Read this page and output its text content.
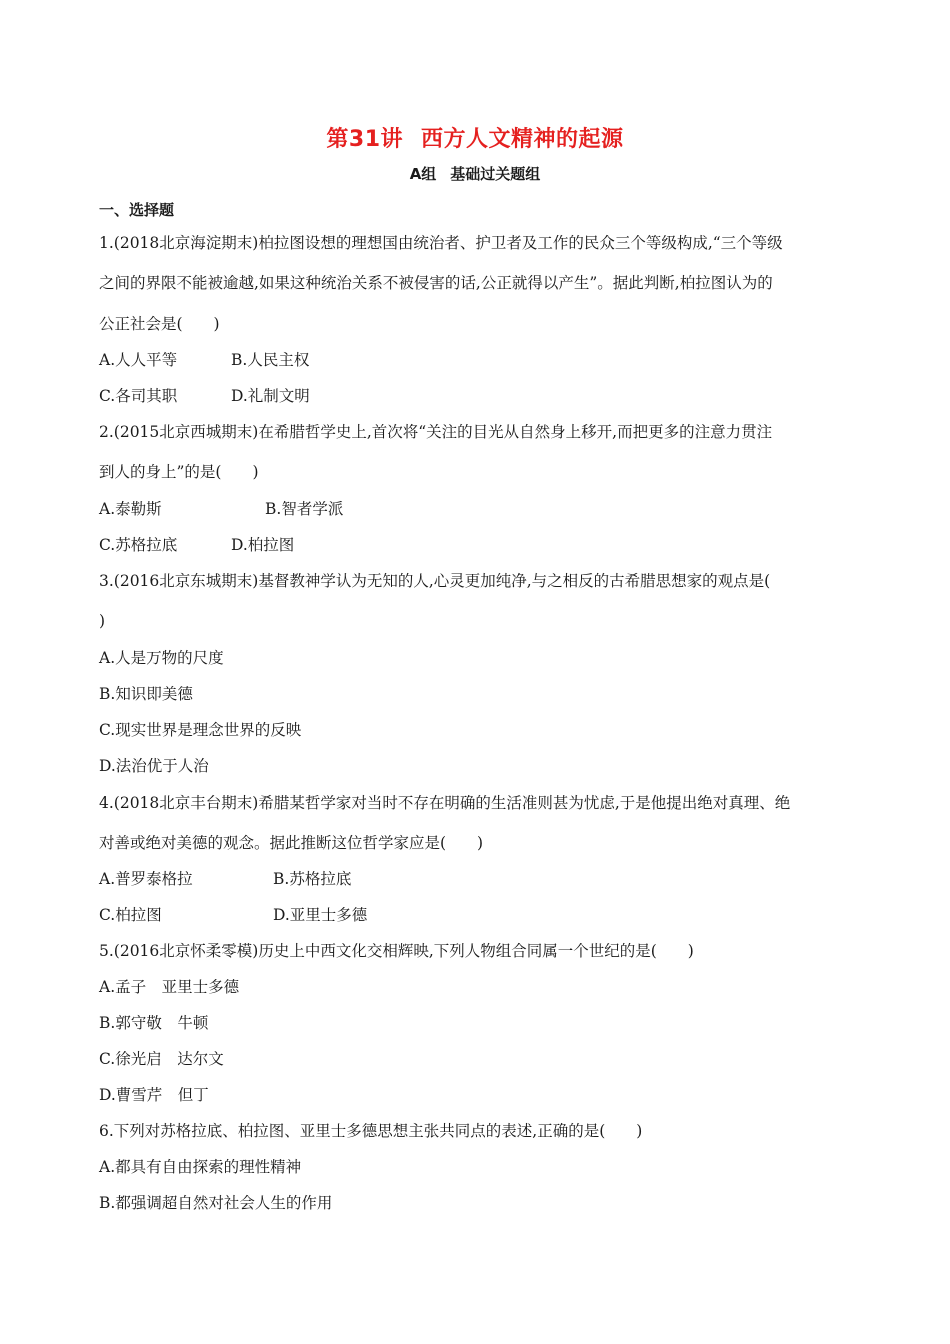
第31讲 西方人文精神的起源
A组 基础过关题组
一、选择题
1.(2018北京海淀期末)柏拉图设想的理想国由统治者、护卫者及工作的民众三个等级构成,“三个等级
之间的界限不能被逾越,如果这种统治关系不被侵害的话,公正就得以产生”。据此判断,柏拉图认为的
公正社会是(　　)
A.人人平等	B.人民主权
C.各司其职	D.礼制文明
2.(2015北京西城期末)在希腊哲学史上,首次将“关注的目光从自然身上移开,而把更多的注意力贯注
到人的身上”的是(　　)
A.泰勒斯	B.智者学派
C.苏格拉底	D.柏拉图
3.(2016北京东城期末)基督教神学认为无知的人,心灵更加纯净,与之相反的古希腊思想家的观点是(
)
A.人是万物的尺度
B.知识即美德
C.现实世界是理念世界的反映
D.法治优于人治
4.(2018北京丰台期末)希腊某哲学家对当时不存在明确的生活准则甚为忧虑,于是他提出绝对真理、绝
对善或绝对美德的观念。据此推断这位哲学家应是(　　)
A.普罗泰格拉	B.苏格拉底
C.柏拉图	D.亚里士多德
5.(2016北京怀柔零模)历史上中西文化交相辉映,下列人物组合同属一个世纪的是(　　)
A.孟子　亚里士多德
B.郭守敬　牛顿
C.徐光启　达尔文
D.曹雪芹　但丁
6.下列对苏格拉底、柏拉图、亚里士多德思想主张共同点的表述,正确的是(　　)
A.都具有自由探索的理性精神
B.都强调超自然对社会人生的作用
